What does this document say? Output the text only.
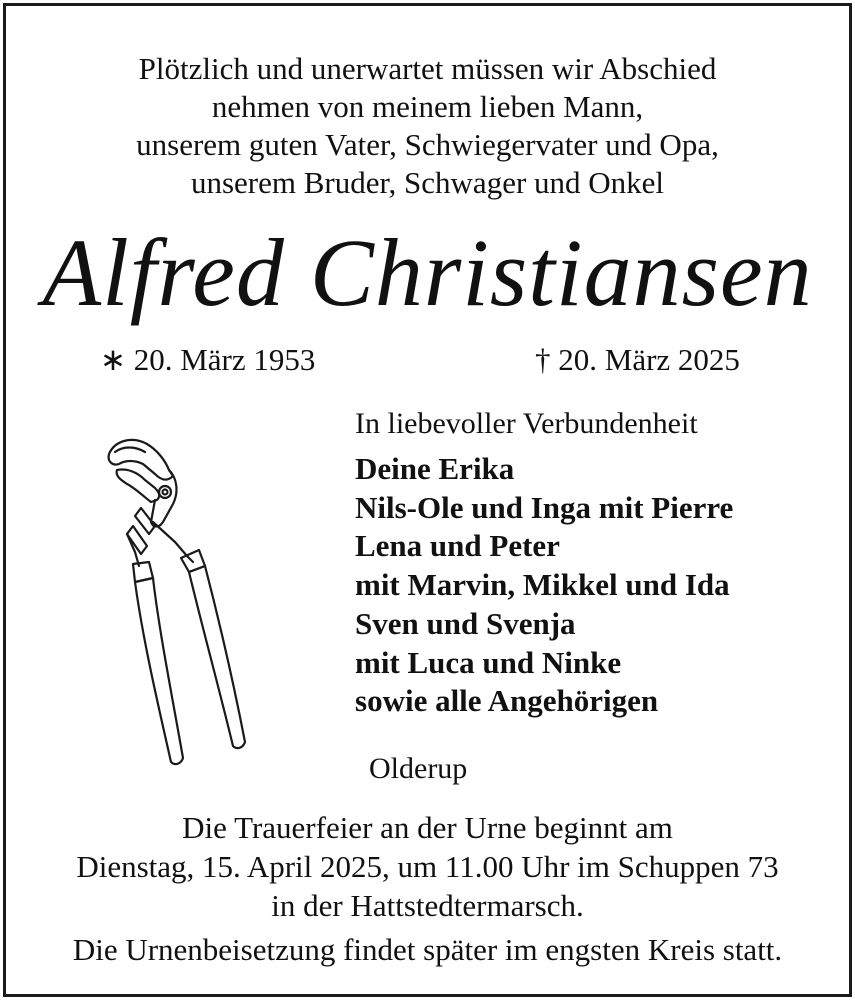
Plötzlich und unerwartet müssen wir Abschied
nehmen von meinem lieben Mann,
unserem guten Vater, Schwiegervater und Opa,
unserem Bruder, Schwager und Onkel
Alfred Christiansen
∗ 20. März 1953	† 20. März 2025
In liebevoller Verbundenheit
Deine Erika
Nils-Ole und Inga mit Pierre
Lena und Peter
mit Marvin, Mikkel und Ida
Sven und Svenja
mit Luca und Ninke
sowie alle Angehörigen
Olderup
Die Trauerfeier an der Urne beginnt am
Dienstag, 15. April 2025, um 11.00 Uhr im Schuppen 73
in der Hattstedtermarsch.
Die Urnenbeisetzung findet später im engsten Kreis statt.
